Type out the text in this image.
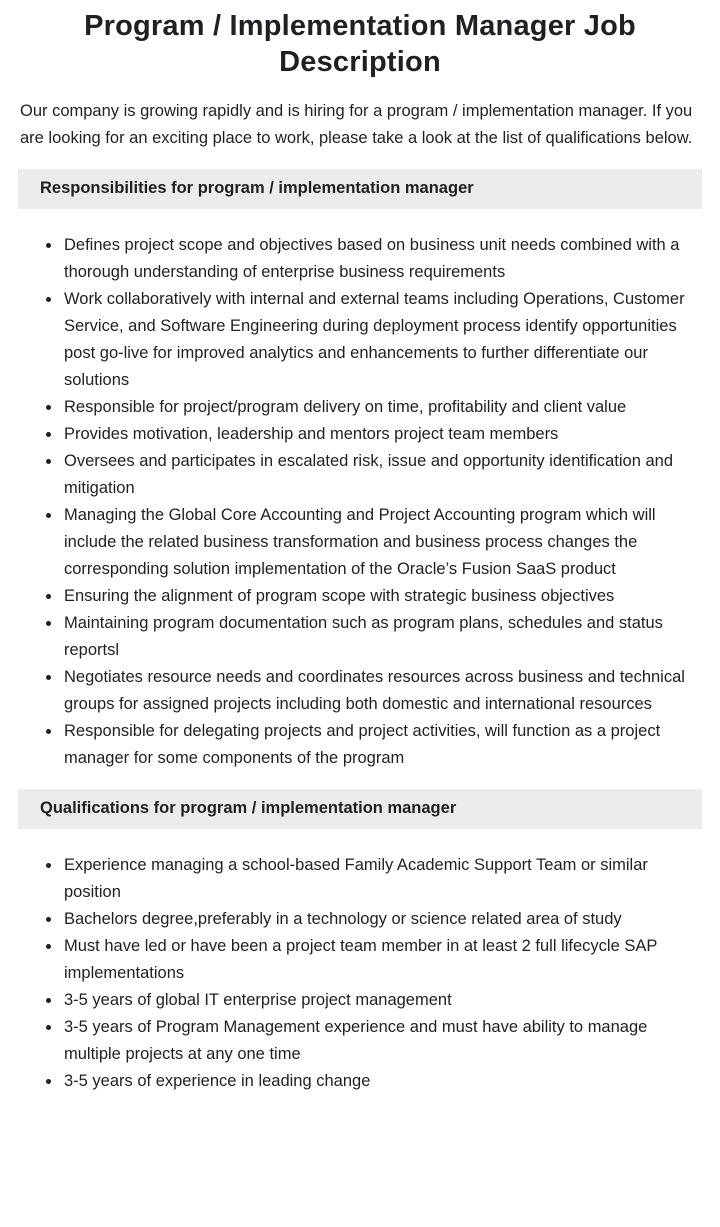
Program / Implementation Manager Job Description

Our company is growing rapidly and is hiring for a program / implementation manager. If you are looking for an exciting place to work, please take a look at the list of qualifications below.

Responsibilities for program / implementation manager
• Defines project scope and objectives based on business unit needs combined with a thorough understanding of enterprise business requirements
• Work collaboratively with internal and external teams including Operations, Customer Service, and Software Engineering during deployment process identify opportunities post go-live for improved analytics and enhancements to further differentiate our solutions
• Responsible for project/program delivery on time, profitability and client value
• Provides motivation, leadership and mentors project team members
• Oversees and participates in escalated risk, issue and opportunity identification and mitigation
• Managing the Global Core Accounting and Project Accounting program which will include the related business transformation and business process changes the corresponding solution implementation of the Oracle’s Fusion SaaS product
• Ensuring the alignment of program scope with strategic business objectives
• Maintaining program documentation such as program plans, schedules and status reportsl
• Negotiates resource needs and coordinates resources across business and technical groups for assigned projects including both domestic and international resources
• Responsible for delegating projects and project activities, will function as a project manager for some components of the program
Qualifications for program / implementation manager
• Experience managing a school-based Family Academic Support Team or similar position
• Bachelors degree,preferably in a technology or science related area of study
• Must have led or have been a project team member in at least 2 full lifecycle SAP implementations
• 3-5 years of global IT enterprise project management
• 3-5 years of Program Management experience and must have ability to manage multiple projects at any one time
• 3-5 years of experience in leading change
